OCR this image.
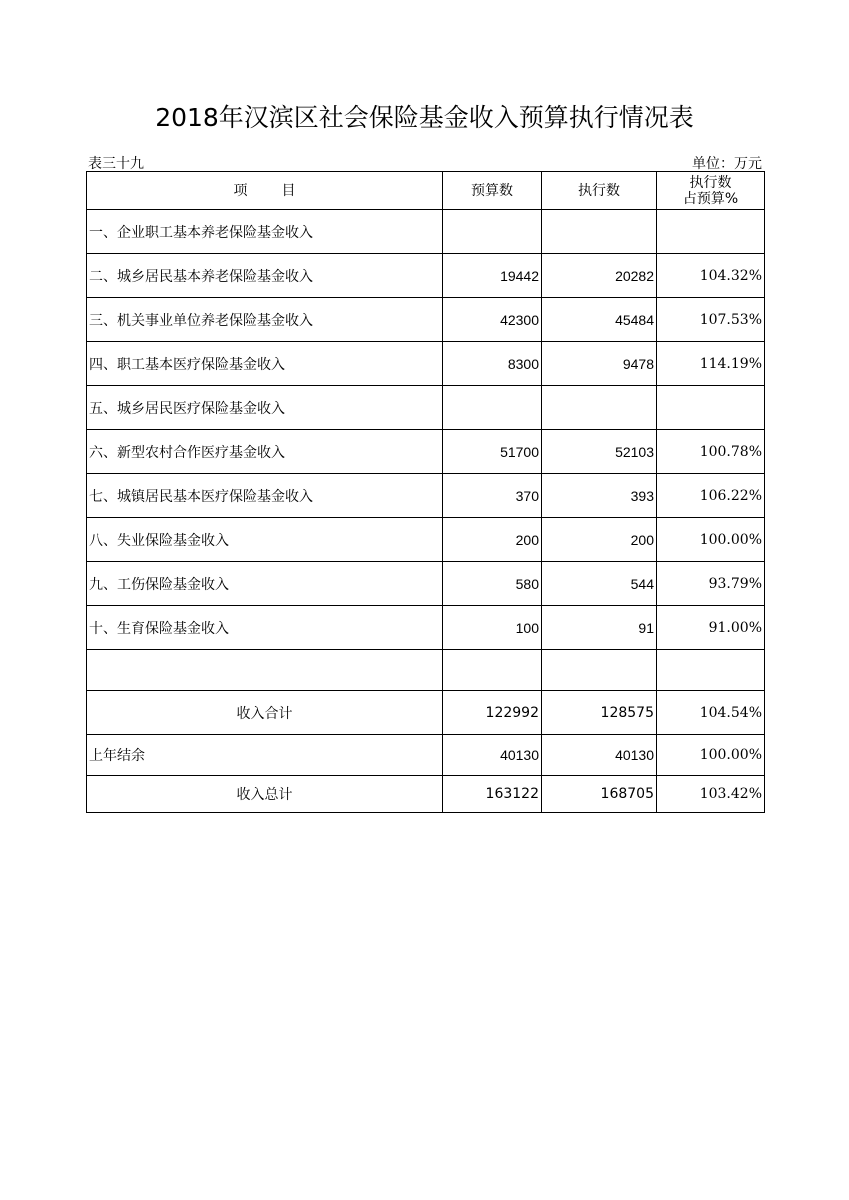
2018年汉滨区社会保险基金收入预算执行情况表
表三十九	单位：万元
项 目	预算数	执行数	执行数
占预算%

一、企业职工基本养老保险基金收入			
二、城乡居民基本养老保险基金收入	19442	20282	104.32%
三、机关事业单位养老保险基金收入	42300	45484	107.53%
四、职工基本医疗保险基金收入	8300	9478	114.19%
五、城乡居民医疗保险基金收入			
六、新型农村合作医疗基金收入	51700	52103	100.78%
七、城镇居民基本医疗保险基金收入	370	393	106.22%
八、失业保险基金收入	200	200	100.00%
九、工伤保险基金收入	580	544	93.79%
十、生育保险基金收入	100	91	91.00%

收入合计	122992	128575	104.54%
上年结余	40130	40130	100.00%
收入总计	163122	168705	103.42%
